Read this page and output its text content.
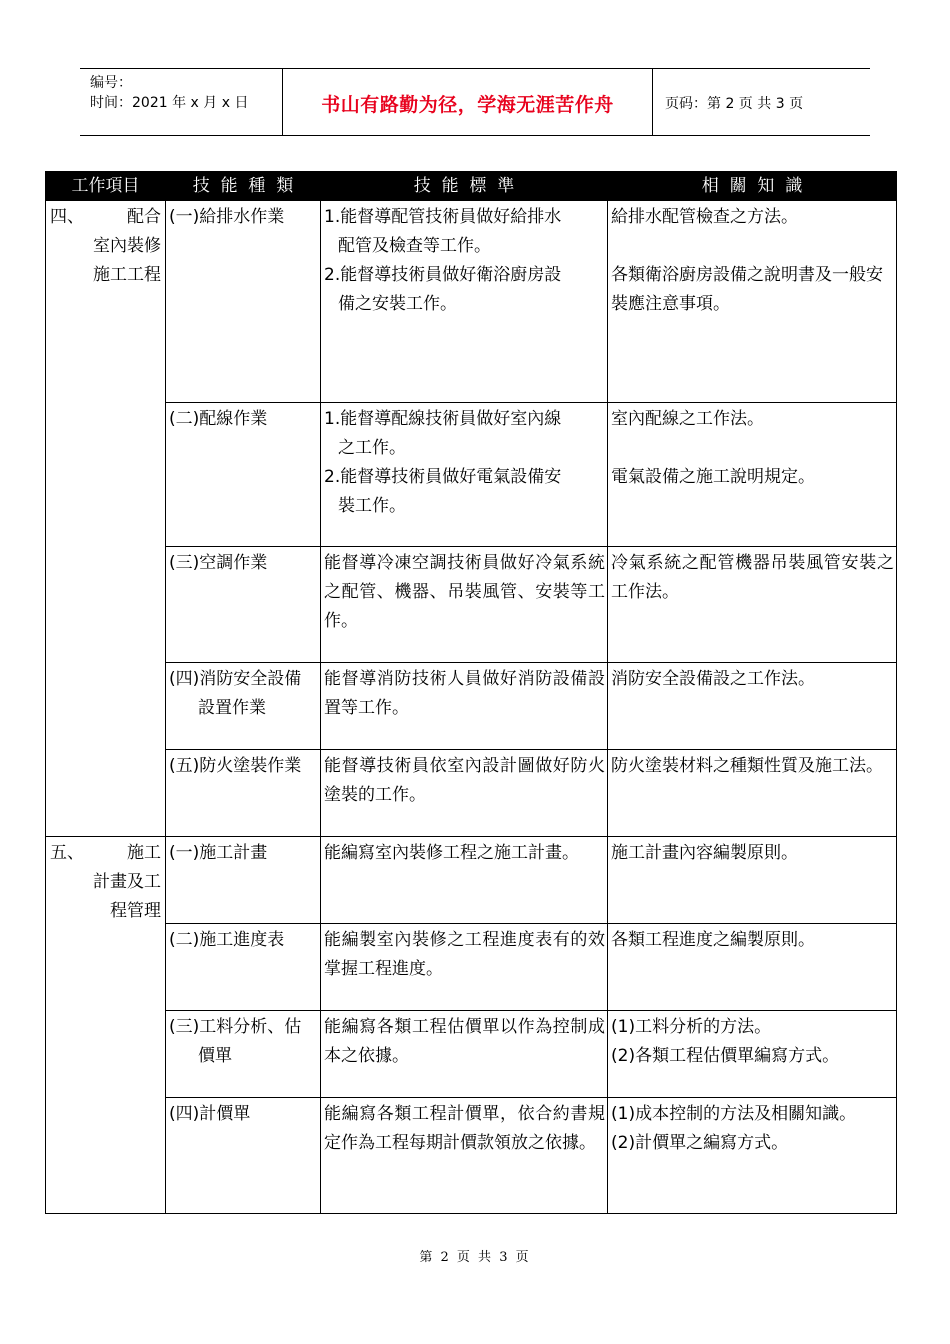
编号：
时间：2021 年 x 月 x 日	书山有路勤为径，学海无涯苦作舟	页码：第 2 页 共 3 页
工作項目	技  能  種  類	技  能  標  準	相  關  知  識

四、 配合
室內裝修
施工工程	(一)給排水作業	1.能督導配管技術員做好給排水
配管及檢查等工作。
2.能督導技術員做好衛浴廚房設
備之安裝工作。	給排水配管檢查之方法。
各類衛浴廚房設備之說明書及一般安裝應注意事項。

	(二)配線作業	1.能督導配線技術員做好室內線
之工作。
2.能督導技術員做好電氣設備安
裝工作。	室內配線之工作法。
電氣設備之施工說明規定。

	(三)空調作業	能督導冷凍空調技術員做好冷氣系統之配管、機器、吊裝風管、安裝等工作。	冷氣系統之配管機器吊裝風管安裝之工作法。

	(四)消防安全設備
設置作業	能督導消防技術人員做好消防設備設置等工作。	消防安全設備設之工作法。
	(五)防火塗裝作業	能督導技術員依室內設計圖做好防火塗裝的工作。	防火塗裝材料之種類性質及施工法。

五、 施工
計畫及工
程管理	(一)施工計畫	能編寫室內裝修工程之施工計畫。	施工計畫內容編製原則。
	(二)施工進度表	能編製室內裝修之工程進度表有的效掌握工程進度。	各類工程進度之編製原則。

	(三)工料分析、估
價單	能編寫各類工程估價單以作為控制成本之依據。	(1)工料分析的方法。
(2)各類工程估價單編寫方式。

	(四)計價單	能編寫各類工程計價單，依合約書規定作為工程每期計價款領放之依據。	(1)成本控制的方法及相關知識。
(2)計價單之編寫方式。
第 2 页 共 3 页
